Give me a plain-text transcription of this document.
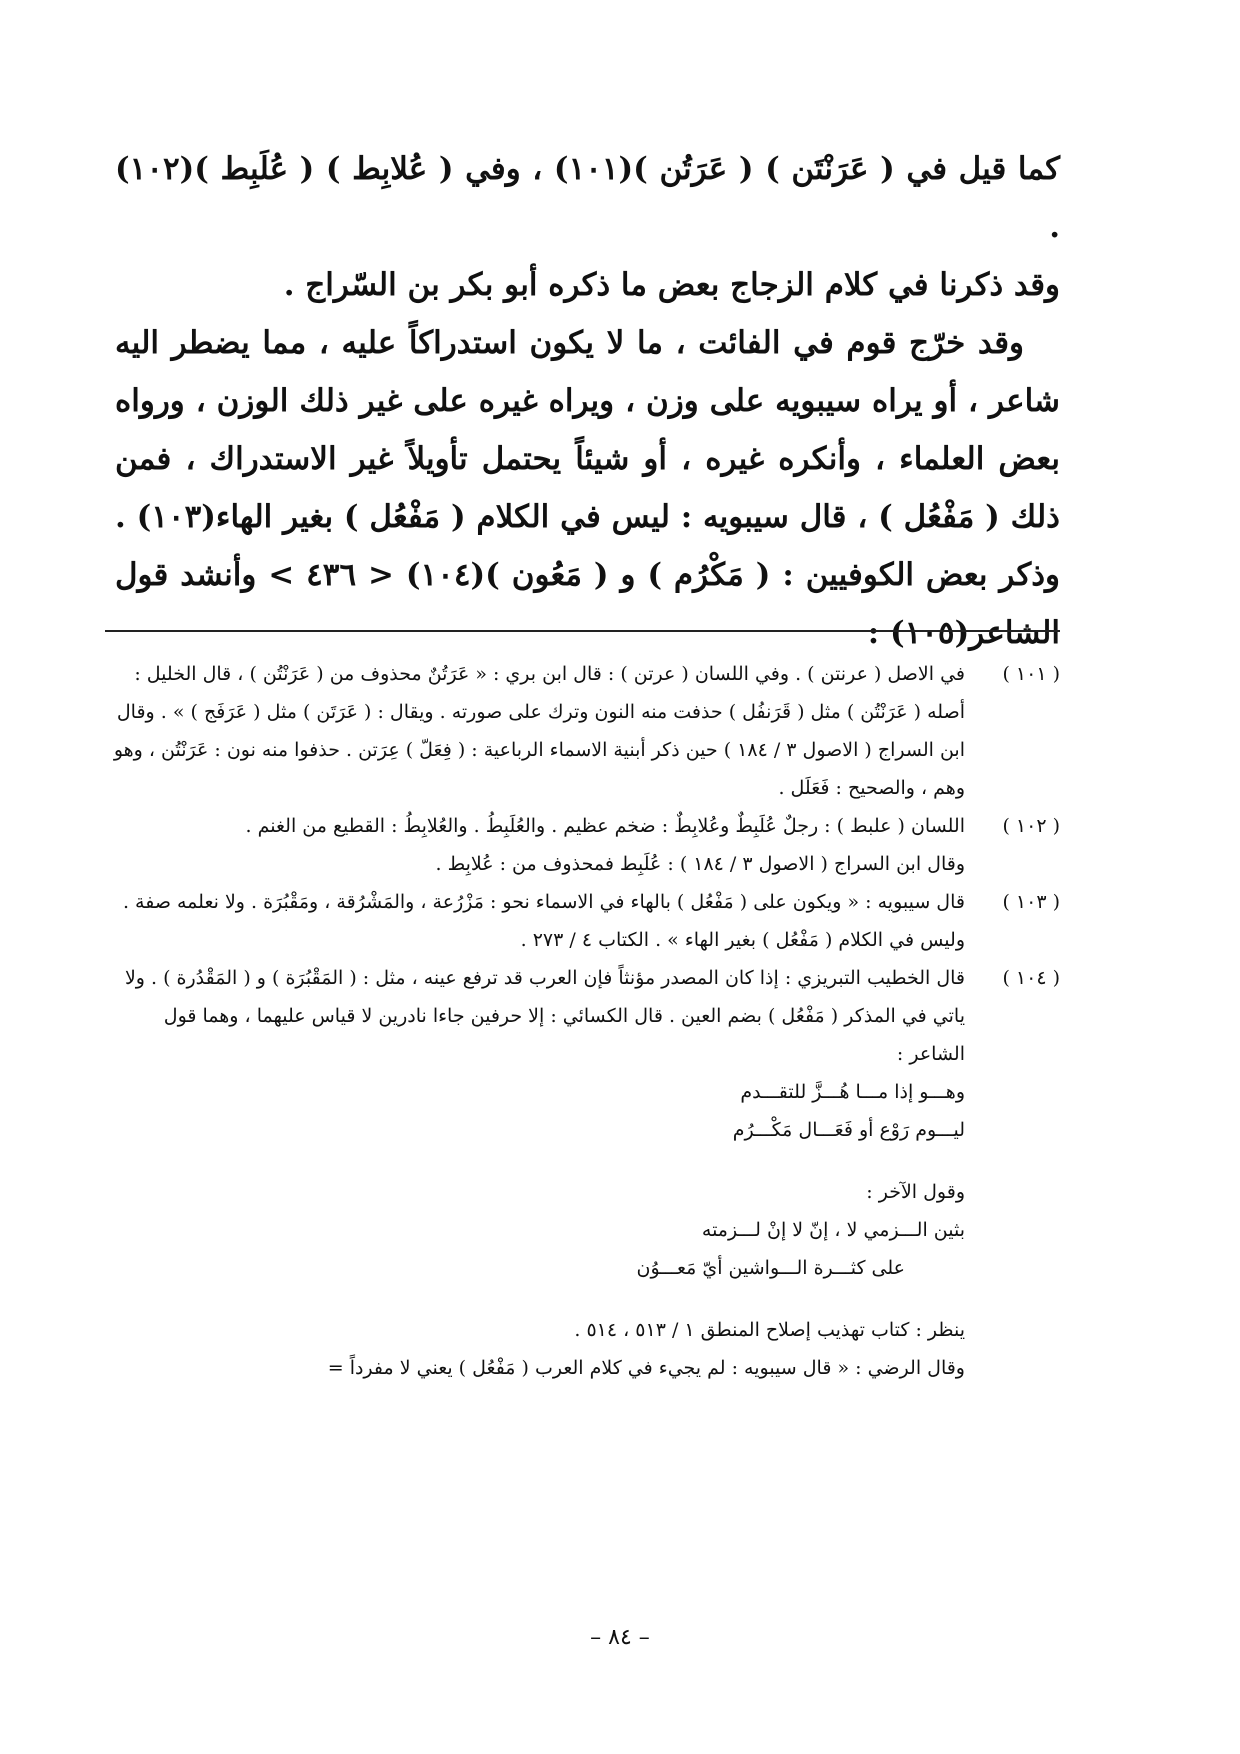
كما قيل في ( عَرَنْتَن ) ( عَرَتُن )(١٠١) ، وفي ( عُلابِط ) ( عُلَبِط )(١٠٢) .

وقد ذكرنا في كلام الزجاج بعض ما ذكره أبو بكر بن السّراج .

وقد خرّج قوم في الفائت ، ما لا يكون استدراكاً عليه ، مما يضطر اليه شاعر ، أو يراه سيبويه على وزن ، ويراه غيره على غير ذلك الوزن ، ورواه بعض العلماء ، وأنكره غيره ، أو شيئاً يحتمل تأويلاً غير الاستدراك ، فمن ذلك ( مَفْعُل ) ، قال سيبويه : ليس في الكلام ( مَفْعُل ) بغير الهاء(١٠٣) . وذكر بعض الكوفيين : ( مَكْرُم ) و ( مَعُون )(١٠٤) < ٤٣٦ > وأنشد قول الشاعر(١٠٥) :

( ١٠١ )

في الاصل ( عرنتن ) . وفي اللسان ( عرتن ) : قال ابن بري : « عَرَتُنٌ محذوف من ( عَرَنْتُن ) ، قال الخليل : أصله ( عَرَنْتُن ) مثل ( قَرَنفُل ) حذفت منه النون وترك على صورته . ويقال : ( عَرَتَن ) مثل ( عَرَفَج ) » . وقال ابن السراج ( الاصول ٣ / ١٨٤ ) حين ذكر أبنية الاسماء الرباعية : ( فِعَلّ ) عِرَتن . حذفوا منه نون : عَرَنْتُن ، وهو وهم ، والصحيح : فَعَلَل .

( ١٠٢ )

اللسان ( علبط ) : رجلٌ عُلَبِطٌ وعُلابِطٌ : ضخم عظيم . والعُلَبِطُ . والعُلابِطُ : القطيع من الغنم .

وقال ابن السراج ( الاصول ٣ / ١٨٤ ) : عُلَبِط فمحذوف من : عُلابِط .

( ١٠٣ )

قال سيبويه : « ويكون على ( مَفْعُل ) بالهاء في الاسماء نحو : مَزْرُعة ، والمَشْرُقة ، ومَقْبُرَة . ولا نعلمه صفة . وليس في الكلام ( مَفْعُل ) بغير الهاء » . الكتاب ٤ / ٢٧٣ .

( ١٠٤ )

قال الخطيب التبريزي : إذا كان المصدر مؤنثاً فإن العرب قد ترفع عينه ، مثل : ( المَقْبُرَة ) و ( المَقْدُرة ) . ولا ياتي في المذكر ( مَفْعُل ) بضم العين . قال الكسائي : إلا حرفين جاءا نادرين لا قياس عليهما ، وهما قول الشاعر :

وهـــو إذا مـــا هُـــزَّ للتقـــدم

ليـــوم رَوْع أو فَعَـــال مَكْـــرُم

وقول الآخر :

بثين الـــزمي لا ، إنّ لا إنْ لـــزمته

على كثـــرة الـــواشين أيّ مَعـــوُن

ينظر : كتاب تهذيب إصلاح المنطق ١ / ٥١٣ ، ٥١٤ .

وقال الرضي : « قال سيبويه : لم يجيء في كلام العرب ( مَفْعُل ) يعني لا مفرداً =

– ٨٤ –
